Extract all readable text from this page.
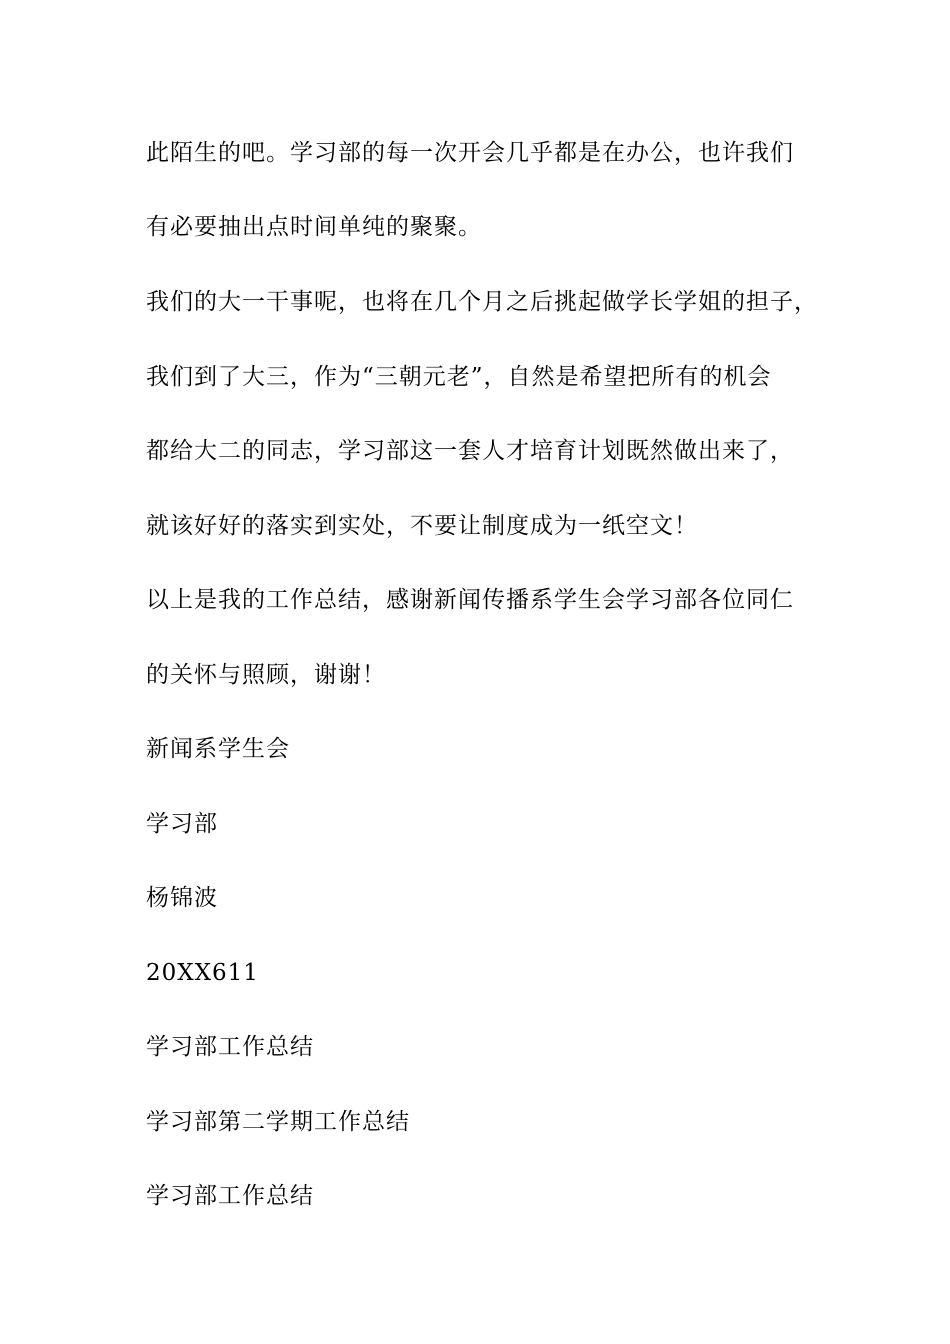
此陌生的吧。学习部的每一次开会几乎都是在办公，也许我们
有必要抽出点时间单纯的聚聚。
我们的大一干事呢，也将在几个月之后挑起做学长学姐的担子，
我们到了大三，作为“三朝元老”，自然是希望把所有的机会
都给大二的同志，学习部这一套人才培育计划既然做出来了，
就该好好的落实到实处，不要让制度成为一纸空文！
以上是我的工作总结，感谢新闻传播系学生会学习部各位同仁
的关怀与照顾，谢谢！
新闻系学生会
学习部
杨锦波
20XX611
学习部工作总结
学习部第二学期工作总结
学习部工作总结
